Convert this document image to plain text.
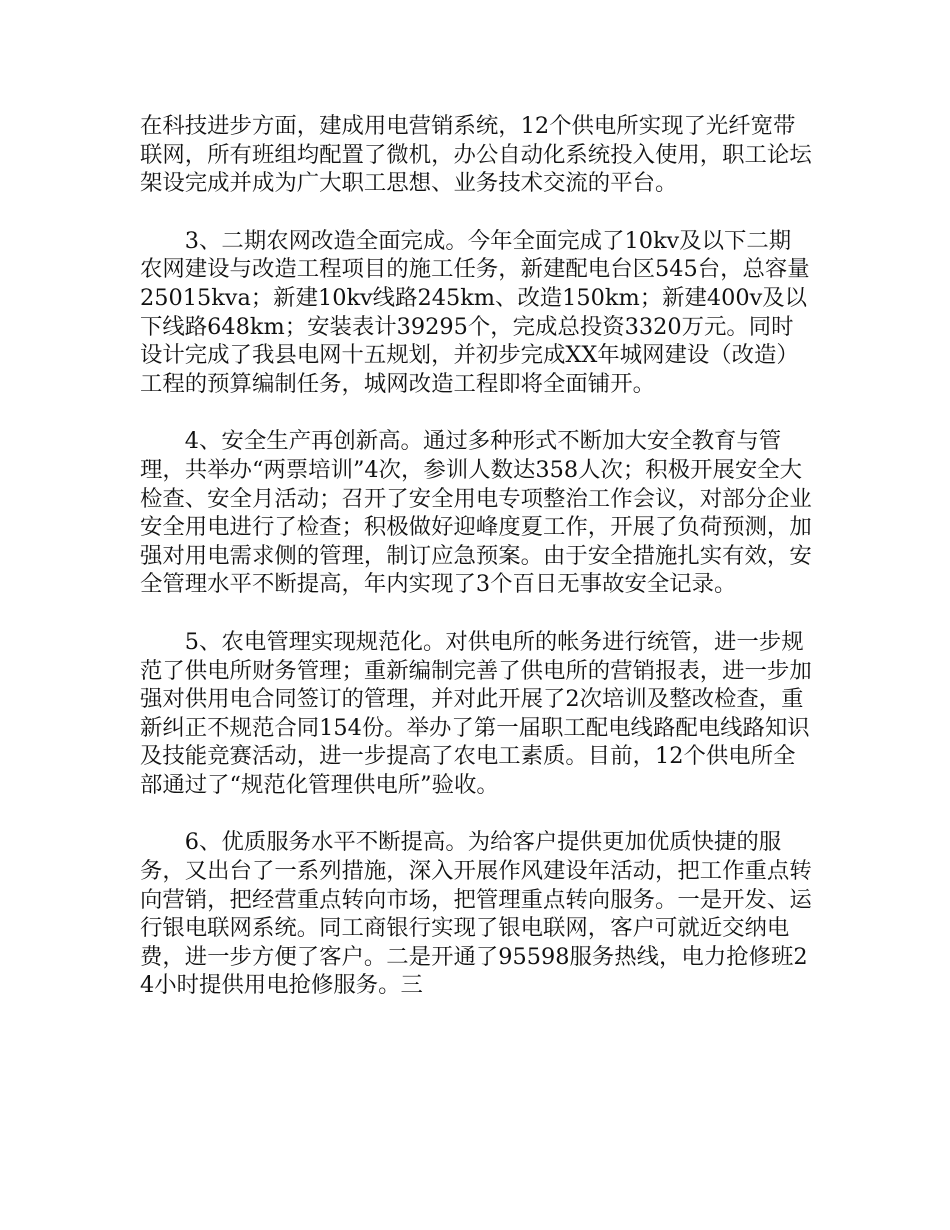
在科技进步方面，建成用电营销系统，12个供电所实现了光纤宽带联网，所有班组均配置了微机，办公自动化系统投入使用，职工论坛架设完成并成为广大职工思想、业务技术交流的平台。

3、二期农网改造全面完成。今年全面完成了10kv及以下二期农网建设与改造工程项目的施工任务，新建配电台区545台，总容量25015kva；新建10kv线路245km、改造150km；新建400v及以下线路648km；安装表计39295个，完成总投资3320万元。同时设计完成了我县电网十五规划，并初步完成XX年城网建设（改造）工程的预算编制任务，城网改造工程即将全面铺开。

4、安全生产再创新高。通过多种形式不断加大安全教育与管理，共举办“两票培训”4次，参训人数达358人次；积极开展安全大检查、安全月活动；召开了安全用电专项整治工作会议，对部分企业安全用电进行了检查；积极做好迎峰度夏工作，开展了负荷预测，加强对用电需求侧的管理，制订应急预案。由于安全措施扎实有效，安全管理水平不断提高，年内实现了3个百日无事故安全记录。

5、农电管理实现规范化。对供电所的帐务进行统管，进一步规范了供电所财务管理；重新编制完善了供电所的营销报表，进一步加强对供用电合同签订的管理，并对此开展了2次培训及整改检查，重新纠正不规范合同154份。举办了第一届职工配电线路配电线路知识及技能竞赛活动，进一步提高了农电工素质。目前，12个供电所全部通过了“规范化管理供电所”验收。

6、优质服务水平不断提高。为给客户提供更加优质快捷的服务，又出台了一系列措施，深入开展作风建设年活动，把工作重点转向营销，把经营重点转向市场，把管理重点转向服务。一是开发、运行银电联网系统。同工商银行实现了银电联网，客户可就近交纳电费，进一步方便了客户。二是开通了95598服务热线，电力抢修班24小时提供用电抢修服务。三
